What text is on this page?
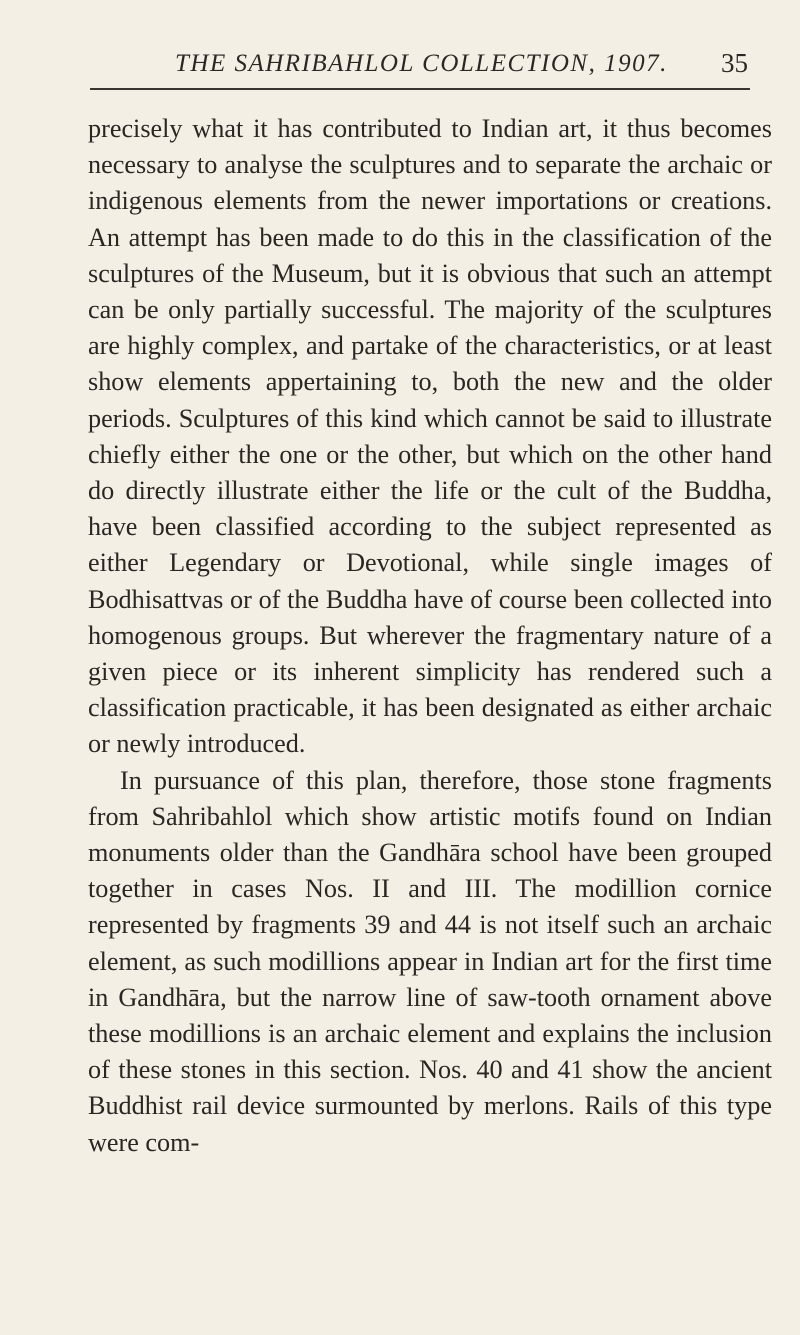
THE SAHRIBAHLOL COLLECTION, 1907. 35

precisely what it has contributed to Indian art, it thus becomes necessary to analyse the sculptures and to separate the archaic or indigenous elements from the newer importations or creations. An attempt has been made to do this in the classification of the sculptures of the Museum, but it is obvious that such an attempt can be only partially successful. The majority of the sculptures are highly complex, and partake of the characteristics, or at least show elements appertaining to, both the new and the older periods. Sculptures of this kind which cannot be said to illustrate chiefly either the one or the other, but which on the other hand do directly illustrate either the life or the cult of the Buddha, have been classified according to the subject represented as either Legendary or Devotional, while single images of Bodhisattvas or of the Buddha have of course been collected into homogenous groups. But wherever the fragmentary nature of a given piece or its inherent simplicity has rendered such a classification practicable, it has been designated as either archaic or newly introduced.

In pursuance of this plan, therefore, those stone fragments from Sahribahlol which show artistic motifs found on Indian monuments older than the Gandhāra school have been grouped together in cases Nos. II and III. The modillion cornice represented by fragments 39 and 44 is not itself such an archaic element, as such modillions appear in Indian art for the first time in Gandhāra, but the narrow line of saw-tooth ornament above these modillions is an archaic element and explains the inclusion of these stones in this section. Nos. 40 and 41 show the ancient Buddhist rail device surmounted by merlons. Rails of this type were com-
